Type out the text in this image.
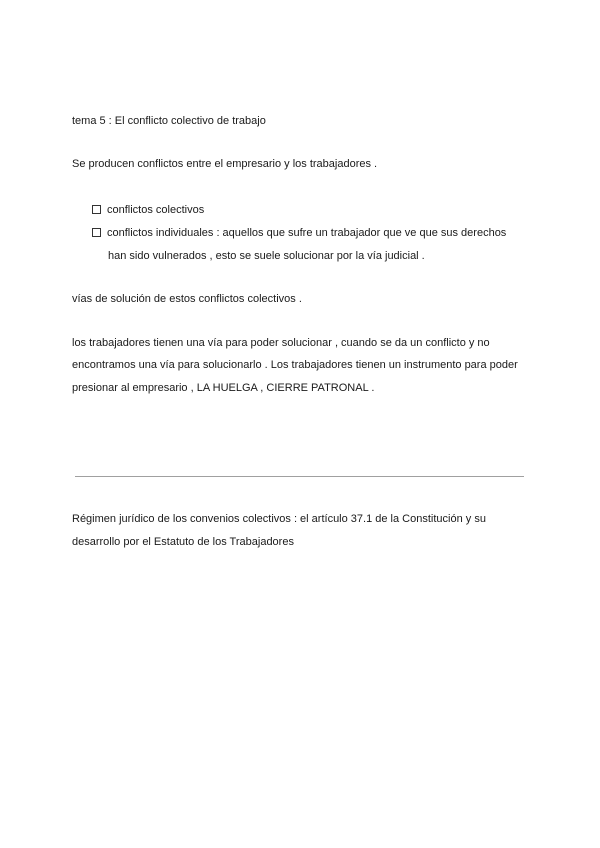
tema 5 : El conflicto colectivo de trabajo
Se producen conflictos entre el empresario y los trabajadores .
conflictos colectivos
conflictos individuales : aquellos que sufre un trabajador que ve que sus derechos
han sido vulnerados , esto se suele solucionar por la vía judicial .
vías de solución de estos conflictos colectivos .
los trabajadores tienen una vía para poder solucionar , cuando se da un conflicto y no
encontramos una vía para solucionarlo . Los trabajadores tienen un instrumento para poder
presionar al empresario , LA HUELGA , CIERRE PATRONAL .
Régimen jurídico de los convenios colectivos : el artículo 37.1 de la Constitución y su
desarrollo por el Estatuto de los Trabajadores
